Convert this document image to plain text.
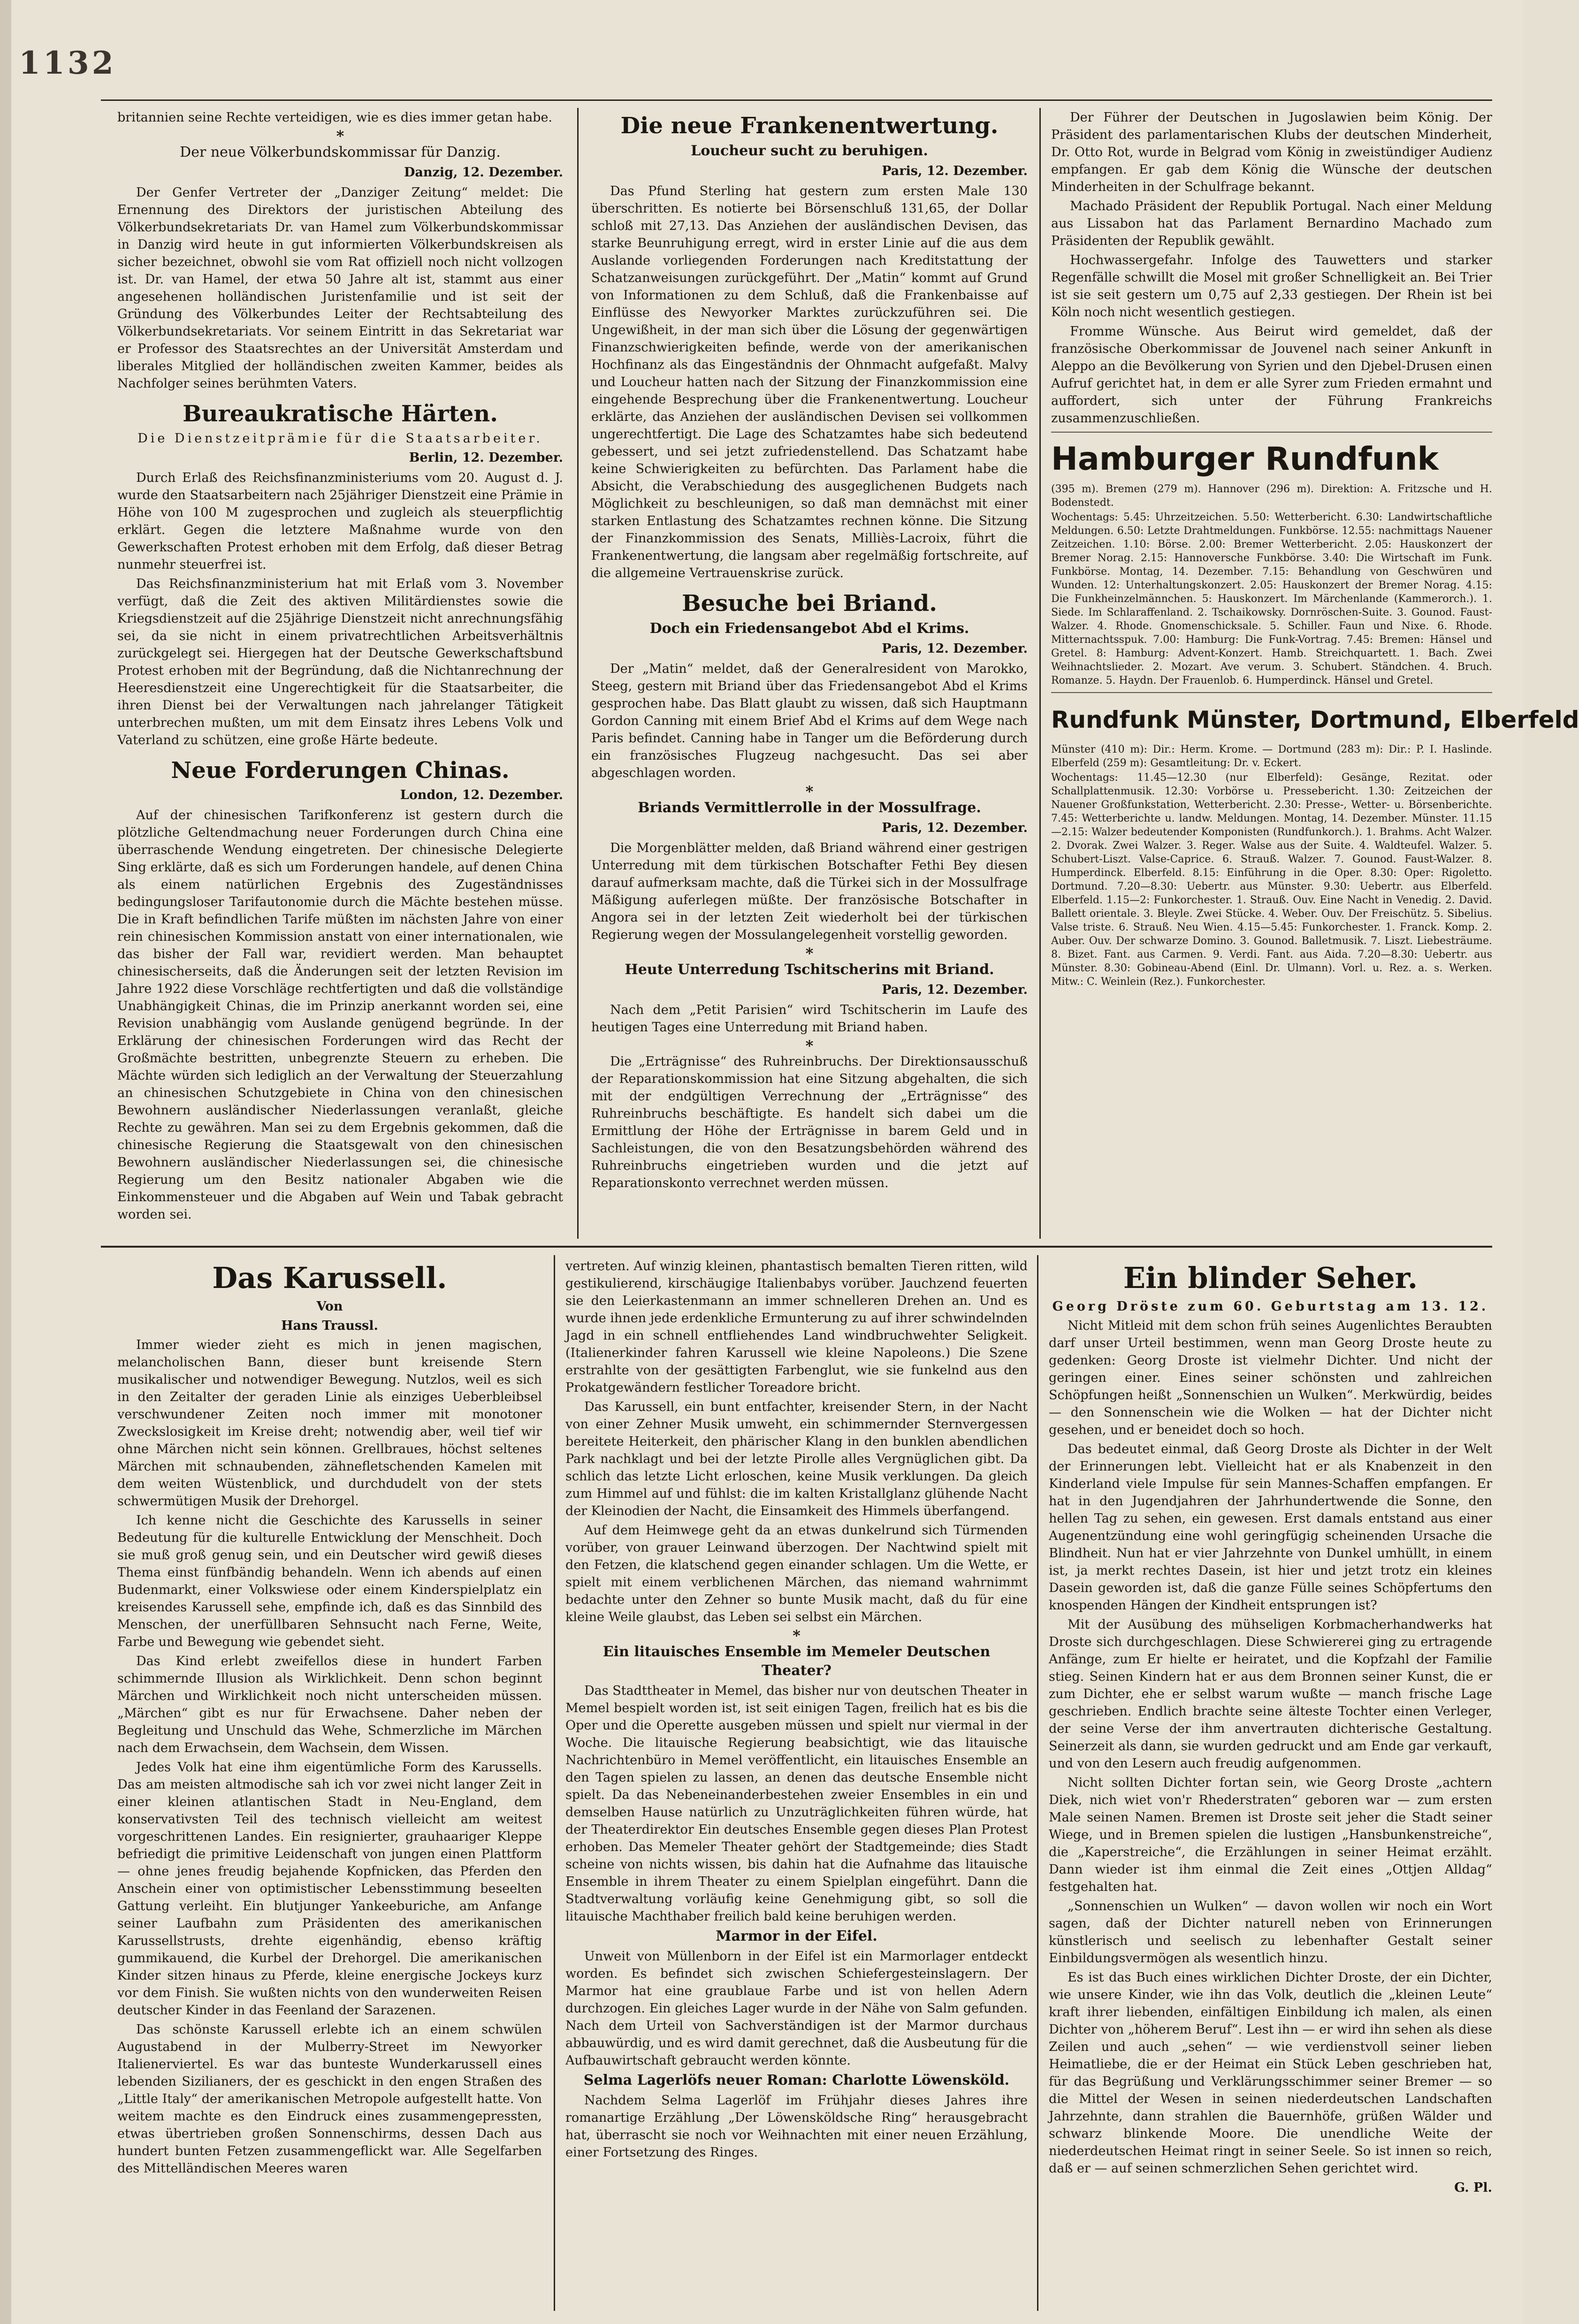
1132

britannien seine Rechte verteidigen, wie es dies immer getan habe.

*

Der neue Völkerbundskommissar für Danzig.

Danzig, 12. Dezember.

Der Genfer Vertreter der „Danziger Zeitung“ meldet: Die Ernennung des Direktors der juristischen Abteilung des Völkerbundsekretariats Dr. van Hamel zum Völkerbundskommissar in Danzig wird heute in gut informierten Völkerbundskreisen als sicher bezeichnet, obwohl sie vom Rat offiziell noch nicht vollzogen ist. Dr. van Hamel, der etwa 50 Jahre alt ist, stammt aus einer angesehenen holländischen Juristenfamilie und ist seit der Gründung des Völkerbundes Leiter der Rechtsabteilung des Völkerbundsekretariats. Vor seinem Eintritt in das Sekretariat war er Professor des Staatsrechtes an der Universität Amsterdam und liberales Mitglied der holländischen zweiten Kammer, beides als Nachfolger seines berühmten Vaters.

Bureaukratische Härten.

Die Dienstzeitprämie für die Staatsarbeiter.

Berlin, 12. Dezember.

Durch Erlaß des Reichsfinanzministeriums vom 20. August d. J. wurde den Staatsarbeitern nach 25jähriger Dienstzeit eine Prämie in Höhe von 100 M zugesprochen und zugleich als steuerpflichtig erklärt. Gegen die letztere Maßnahme wurde von den Gewerkschaften Protest erhoben mit dem Erfolg, daß dieser Betrag nunmehr steuerfrei ist.

Das Reichsfinanzministerium hat mit Erlaß vom 3. November verfügt, daß die Zeit des aktiven Militärdienstes sowie die Kriegsdienstzeit auf die 25jährige Dienstzeit nicht anrechnungsfähig sei, da sie nicht in einem privatrechtlichen Arbeitsverhältnis zurückgelegt sei. Hiergegen hat der Deutsche Gewerkschaftsbund Protest erhoben mit der Begründung, daß die Nichtanrechnung der Heeresdienstzeit eine Ungerechtigkeit für die Staatsarbeiter, die ihren Dienst bei der Verwaltungen nach jahrelanger Tätigkeit unterbrechen mußten, um mit dem Einsatz ihres Lebens Volk und Vaterland zu schützen, eine große Härte bedeute.

Neue Forderungen Chinas.

London, 12. Dezember.

Auf der chinesischen Tarifkonferenz ist gestern durch die plötzliche Geltendmachung neuer Forderungen durch China eine überraschende Wendung eingetreten. Der chinesische Delegierte Sing erklärte, daß es sich um Forderungen handele, auf denen China als einem natürlichen Ergebnis des Zugeständnisses bedingungsloser Tarifautonomie durch die Mächte bestehen müsse. Die in Kraft befindlichen Tarife müßten im nächsten Jahre von einer rein chinesischen Kommission anstatt von einer internationalen, wie das bisher der Fall war, revidiert werden. Man behauptet chinesischerseits, daß die Änderungen seit der letzten Revision im Jahre 1922 diese Vorschläge rechtfertigten und daß die vollständige Unabhängigkeit Chinas, die im Prinzip anerkannt worden sei, eine Revision unabhängig vom Auslande genügend begründe. In der Erklärung der chinesischen Forderungen wird das Recht der Großmächte bestritten, unbegrenzte Steuern zu erheben. Die Mächte würden sich lediglich an der Verwaltung der Steuerzahlung an chinesischen Schutzgebiete in China von den chinesischen Bewohnern ausländischer Niederlassungen veranlaßt, gleiche Rechte zu gewähren. Man sei zu dem Ergebnis gekommen, daß die chinesische Regierung die Staatsgewalt von den chinesischen Bewohnern ausländischer Niederlassungen sei, die chinesische Regierung um den Besitz nationaler Abgaben wie die Einkommensteuer und die Abgaben auf Wein und Tabak gebracht worden sei.

Die neue Frankenentwertung.

Loucheur sucht zu beruhigen.

Paris, 12. Dezember.

Das Pfund Sterling hat gestern zum ersten Male 130 überschritten. Es notierte bei Börsenschluß 131,65, der Dollar schloß mit 27,13. Das Anziehen der ausländischen Devisen, das starke Beunruhigung erregt, wird in erster Linie auf die aus dem Auslande vorliegenden Forderungen nach Kreditstattung der Schatzanweisungen zurückgeführt. Der „Matin“ kommt auf Grund von Informationen zu dem Schluß, daß die Frankenbaisse auf Einflüsse des Newyorker Marktes zurückzuführen sei. Die Ungewißheit, in der man sich über die Lösung der gegenwärtigen Finanzschwierigkeiten befinde, werde von der amerikanischen Hochfinanz als das Eingeständnis der Ohnmacht aufgefaßt. Malvy und Loucheur hatten nach der Sitzung der Finanzkommission eine eingehende Besprechung über die Frankenentwertung. Loucheur erklärte, das Anziehen der ausländischen Devisen sei vollkommen ungerechtfertigt. Die Lage des Schatzamtes habe sich bedeutend gebessert, und sei jetzt zufriedenstellend. Das Schatzamt habe keine Schwierigkeiten zu befürchten. Das Parlament habe die Absicht, die Verabschiedung des ausgeglichenen Budgets nach Möglichkeit zu beschleunigen, so daß man demnächst mit einer starken Entlastung des Schatzamtes rechnen könne. Die Sitzung der Finanzkommission des Senats, Milliès-Lacroix, führt die Frankenentwertung, die langsam aber regelmäßig fortschreite, auf die allgemeine Vertrauenskrise zurück.

Besuche bei Briand.

Doch ein Friedensangebot Abd el Krims.

Paris, 12. Dezember.

Der „Matin“ meldet, daß der Generalresident von Marokko, Steeg, gestern mit Briand über das Friedensangebot Abd el Krims gesprochen habe. Das Blatt glaubt zu wissen, daß sich Hauptmann Gordon Canning mit einem Brief Abd el Krims auf dem Wege nach Paris befindet. Canning habe in Tanger um die Beförderung durch ein französisches Flugzeug nachgesucht. Das sei aber abgeschlagen worden.

*

Briands Vermittlerrolle in der Mossulfrage.

Paris, 12. Dezember.

Die Morgenblätter melden, daß Briand während einer gestrigen Unterredung mit dem türkischen Botschafter Fethi Bey diesen darauf aufmerksam machte, daß die Türkei sich in der Mossulfrage Mäßigung auferlegen müßte. Der französische Botschafter in Angora sei in der letzten Zeit wiederholt bei der türkischen Regierung wegen der Mossulangelegenheit vorstellig geworden.

*

Heute Unterredung Tschitscherins mit Briand.

Paris, 12. Dezember.

Nach dem „Petit Parisien“ wird Tschitscherin im Laufe des heutigen Tages eine Unterredung mit Briand haben.

*

Die „Erträgnisse“ des Ruhreinbruchs. Der Direktionsausschuß der Reparationskommission hat eine Sitzung abgehalten, die sich mit der endgültigen Verrechnung der „Erträgnisse“ des Ruhreinbruchs beschäftigte. Es handelt sich dabei um die Ermittlung der Höhe der Erträgnisse in barem Geld und in Sachleistungen, die von den Besatzungsbehörden während des Ruhreinbruchs eingetrieben wurden und die jetzt auf Reparationskonto verrechnet werden müssen.

Der Führer der Deutschen in Jugoslawien beim König. Der Präsident des parlamentarischen Klubs der deutschen Minderheit, Dr. Otto Rot, wurde in Belgrad vom König in zweistündiger Audienz empfangen. Er gab dem König die Wünsche der deutschen Minderheiten in der Schulfrage bekannt.

Machado Präsident der Republik Portugal. Nach einer Meldung aus Lissabon hat das Parlament Bernardino Machado zum Präsidenten der Republik gewählt.

Hochwassergefahr. Infolge des Tauwetters und starker Regenfälle schwillt die Mosel mit großer Schnelligkeit an. Bei Trier ist sie seit gestern um 0,75 auf 2,33 gestiegen. Der Rhein ist bei Köln noch nicht wesentlich gestiegen.

Fromme Wünsche. Aus Beirut wird gemeldet, daß der französische Oberkommissar de Jouvenel nach seiner Ankunft in Aleppo an die Bevölkerung von Syrien und den Djebel-Drusen einen Aufruf gerichtet hat, in dem er alle Syrer zum Frieden ermahnt und auffordert, sich unter der Führung Frankreichs zusammenzuschließen.

Hamburger Rundfunk

(395 m). Bremen (279 m). Hannover (296 m). Direktion: A. Fritzsche und H. Bodenstedt.

Wochentags: 5.45: Uhrzeitzeichen. 5.50: Wetterbericht. 6.30: Landwirtschaftliche Meldungen. 6.50: Letzte Drahtmeldungen. Funkbörse. 12.55: nachmittags Nauener Zeitzeichen. 1.10: Börse. 2.00: Bremer Wetterbericht. 2.05: Hauskonzert der Bremer Norag. 2.15: Hannoversche Funkbörse. 3.40: Die Wirtschaft im Funk. Funkbörse. Montag, 14. Dezember. 7.15: Behandlung von Geschwüren und Wunden. 12: Unterhaltungskonzert. 2.05: Hauskonzert der Bremer Norag. 4.15: Die Funkheinzelmännchen. 5: Hauskonzert. Im Märchenlande (Kammerorch.). 1. Siede. Im Schlaraffenland. 2. Tschaikowsky. Dornröschen-Suite. 3. Gounod. Faust-Walzer. 4. Rhode. Gnomenschicksale. 5. Schiller. Faun und Nixe. 6. Rhode. Mitternachtsspuk. 7.00: Hamburg: Die Funk-Vortrag. 7.45: Bremen: Hänsel und Gretel. 8: Hamburg: Advent-Konzert. Hamb. Streichquartett. 1. Bach. Zwei Weihnachtslieder. 2. Mozart. Ave verum. 3. Schubert. Ständchen. 4. Bruch. Romanze. 5. Haydn. Der Frauenlob. 6. Humperdinck. Hänsel und Gretel.

Rundfunk Münster, Dortmund, Elberfeld

Münster (410 m): Dir.: Herm. Krome. — Dortmund (283 m): Dir.: P. I. Haslinde. Elberfeld (259 m): Gesamtleitung: Dr. v. Eckert.

Wochentags: 11.45—12.30 (nur Elberfeld): Gesänge, Rezitat. oder Schallplattenmusik. 12.30: Vorbörse u. Pressebericht. 1.30: Zeitzeichen der Nauener Großfunkstation, Wetterbericht. 2.30: Presse-, Wetter- u. Börsenberichte. 7.45: Wetterberichte u. landw. Meldungen. Montag, 14. Dezember. Münster. 11.15—2.15: Walzer bedeutender Komponisten (Rundfunkorch.). 1. Brahms. Acht Walzer. 2. Dvorak. Zwei Walzer. 3. Reger. Walse aus der Suite. 4. Waldteufel. Walzer. 5. Schubert-Liszt. Valse-Caprice. 6. Strauß. Walzer. 7. Gounod. Faust-Walzer. 8. Humperdinck. Elberfeld. 8.15: Einführung in die Oper. 8.30: Oper: Rigoletto. Dortmund. 7.20—8.30: Uebertr. aus Münster. 9.30: Uebertr. aus Elberfeld. Elberfeld. 1.15—2: Funkorchester. 1. Strauß. Ouv. Eine Nacht in Venedig. 2. David. Ballett orientale. 3. Bleyle. Zwei Stücke. 4. Weber. Ouv. Der Freischütz. 5. Sibelius. Valse triste. 6. Strauß. Neu Wien. 4.15—5.45: Funkorchester. 1. Franck. Komp. 2. Auber. Ouv. Der schwarze Domino. 3. Gounod. Balletmusik. 7. Liszt. Liebesträume. 8. Bizet. Fant. aus Carmen. 9. Verdi. Fant. aus Aida. 7.20—8.30: Uebertr. aus Münster. 8.30: Gobineau-Abend (Einl. Dr. Ulmann). Vorl. u. Rez. a. s. Werken. Mitw.: C. Weinlein (Rez.). Funkorchester.

Das Karussell.

Von

Hans Traussl.

Immer wieder zieht es mich in jenen magischen, melancholischen Bann, dieser bunt kreisende Stern musikalischer und notwendiger Bewegung. Nutzlos, weil es sich in den Zeitalter der geraden Linie als einziges Ueberbleibsel verschwundener Zeiten noch immer mit monotoner Zweckslosigkeit im Kreise dreht; notwendig aber, weil tief wir ohne Märchen nicht sein können. Grellbraues, höchst seltenes Märchen mit schnaubenden, zähnefletschenden Kamelen mit dem weiten Wüstenblick, und durchdudelt von der stets schwermütigen Musik der Drehorgel.

Ich kenne nicht die Geschichte des Karussells in seiner Bedeutung für die kulturelle Entwicklung der Menschheit. Doch sie muß groß genug sein, und ein Deutscher wird gewiß dieses Thema einst fünfbändig behandeln. Wenn ich abends auf einen Budenmarkt, einer Volkswiese oder einem Kinderspielplatz ein kreisendes Karussell sehe, empfinde ich, daß es das Sinnbild des Menschen, der unerfüllbaren Sehnsucht nach Ferne, Weite, Farbe und Bewegung wie gebendet sieht.

Das Kind erlebt zweifellos diese in hundert Farben schimmernde Illusion als Wirklichkeit. Denn schon beginnt Märchen und Wirklichkeit noch nicht unterscheiden müssen. „Märchen“ gibt es nur für Erwachsene. Daher neben der Begleitung und Unschuld das Wehe, Schmerzliche im Märchen nach dem Erwachsein, dem Wachsein, dem Wissen.

Jedes Volk hat eine ihm eigentümliche Form des Karussells. Das am meisten altmodische sah ich vor zwei nicht langer Zeit in einer kleinen atlantischen Stadt in Neu-England, dem konservativsten Teil des technisch vielleicht am weitest vorgeschrittenen Landes. Ein resignierter, grauhaariger Kleppe befriedigt die primitive Leidenschaft von jungen einen Plattform — ohne jenes freudig bejahende Kopfnicken, das Pferden den Anschein einer von optimistischer Lebensstimmung beseelten Gattung verleiht. Ein blutjunger Yankeeburiche, am Anfange seiner Laufbahn zum Präsidenten des amerikanischen Karussellstrusts, drehte eigenhändig, ebenso kräftig gummikauend, die Kurbel der Drehorgel. Die amerikanischen Kinder sitzen hinaus zu Pferde, kleine energische Jockeys kurz vor dem Finish. Sie wußten nichts von den wunderweiten Reisen deutscher Kinder in das Feenland der Sarazenen.

Das schönste Karussell erlebte ich an einem schwülen Augustabend in der Mulberry-Street im Newyorker Italienerviertel. Es war das bunteste Wunderkarussell eines lebenden Sizilianers, der es geschickt in den engen Straßen des „Little Italy“ der amerikanischen Metropole aufgestellt hatte. Von weitem machte es den Eindruck eines zusammengepressten, etwas übertrieben großen Sonnenschirms, dessen Dach aus hundert bunten Fetzen zusammengeflickt war. Alle Segelfarben des Mittelländischen Meeres waren

vertreten. Auf winzig kleinen, phantastisch bemalten Tieren ritten, wild gestikulierend, kirschäugige Italienbabys vorüber. Jauchzend feuerten sie den Leierkastenmann an immer schnelleren Drehen an. Und es wurde ihnen jede erdenkliche Ermunterung zu auf ihrer schwindelnden Jagd in ein schnell entfliehendes Land windbruchwehter Seligkeit. (Italienerkinder fahren Karussell wie kleine Napoleons.) Die Szene erstrahlte von der gesättigten Farbenglut, wie sie funkelnd aus den Prokatgewändern festlicher Toreadore bricht.

Das Karussell, ein bunt entfachter, kreisender Stern, in der Nacht von einer Zehner Musik umweht, ein schimmernder Sternvergessen bereitete Heiterkeit, den phärischer Klang in den bunklen abendlichen Park nachklagt und bei der letzte Pirolle alles Vergnüglichen gibt. Da schlich das letzte Licht erloschen, keine Musik verklungen. Da gleich zum Himmel auf und fühlst: die im kalten Kristallglanz glühende Nacht der Kleinodien der Nacht, die Einsamkeit des Himmels überfangend.

Auf dem Heimwege geht da an etwas dunkelrund sich Türmenden vorüber, von grauer Leinwand überzogen. Der Nachtwind spielt mit den Fetzen, die klatschend gegen einander schlagen. Um die Wette, er spielt mit einem verblichenen Märchen, das niemand wahrnimmt bedachte unter den Zehner so bunte Musik macht, daß du für eine kleine Weile glaubst, das Leben sei selbst ein Märchen.

*

Ein litauisches Ensemble im Memeler Deutschen Theater?

Das Stadttheater in Memel, das bisher nur von deutschen Theater in Memel bespielt worden ist, ist seit einigen Tagen, freilich hat es bis die Oper und die Operette ausgeben müssen und spielt nur viermal in der Woche. Die litauische Regierung beabsichtigt, wie das litauische Nachrichtenbüro in Memel veröffentlicht, ein litauisches Ensemble an den Tagen spielen zu lassen, an denen das deutsche Ensemble nicht spielt. Da das Nebeneinanderbestehen zweier Ensembles in ein und demselben Hause natürlich zu Unzuträglichkeiten führen würde, hat der Theaterdirektor Ein deutsches Ensemble gegen dieses Plan Protest erhoben. Das Memeler Theater gehört der Stadtgemeinde; dies Stadt scheine von nichts wissen, bis dahin hat die Aufnahme das litauische Ensemble in ihrem Theater zu einem Spielplan eingeführt. Dann die Stadtverwaltung vorläufig keine Genehmigung gibt, so soll die litauische Machthaber freilich bald keine beruhigen werden.

Marmor in der Eifel.

Unweit von Müllenborn in der Eifel ist ein Marmorlager entdeckt worden. Es befindet sich zwischen Schiefergesteinslagern. Der Marmor hat eine graublaue Farbe und ist von hellen Adern durchzogen. Ein gleiches Lager wurde in der Nähe von Salm gefunden. Nach dem Urteil von Sachverständigen ist der Marmor durchaus abbauwürdig, und es wird damit gerechnet, daß die Ausbeutung für die Aufbauwirtschaft gebraucht werden könnte.

Selma Lagerlöfs neuer Roman: Charlotte Löwensköld.

Nachdem Selma Lagerlöf im Frühjahr dieses Jahres ihre romanartige Erzählung „Der Löwensköldsche Ring“ herausgebracht hat, überrascht sie noch vor Weihnachten mit einer neuen Erzählung, einer Fortsetzung des Ringes.

Ein blinder Seher.

Georg Dröste zum 60. Geburtstag am 13. 12.

Nicht Mitleid mit dem schon früh seines Augenlichtes Beraubten darf unser Urteil bestimmen, wenn man Georg Droste heute zu gedenken: Georg Droste ist vielmehr Dichter. Und nicht der geringen einer. Eines seiner schönsten und zahlreichen Schöpfungen heißt „Sonnenschien un Wulken“. Merkwürdig, beides — den Sonnenschein wie die Wolken — hat der Dichter nicht gesehen, und er beneidet doch so hoch.

Das bedeutet einmal, daß Georg Droste als Dichter in der Welt der Erinnerungen lebt. Vielleicht hat er als Knabenzeit in den Kinderland viele Impulse für sein Mannes-Schaffen empfangen. Er hat in den Jugendjahren der Jahrhundertwende die Sonne, den hellen Tag zu sehen, ein gewesen. Erst damals entstand aus einer Augenentzündung eine wohl geringfügig scheinenden Ursache die Blindheit. Nun hat er vier Jahrzehnte von Dunkel umhüllt, in einem ist, ja merkt rechtes Dasein, ist hier und jetzt trotz ein kleines Dasein geworden ist, daß die ganze Fülle seines Schöpfertums den knospenden Hängen der Kindheit entsprungen ist?

Mit der Ausübung des mühseligen Korbmacherhandwerks hat Droste sich durchgeschlagen. Diese Schwiererei ging zu ertragende Anfänge, zum Er hielte er heiratet, und die Kopfzahl der Familie stieg. Seinen Kindern hat er aus dem Bronnen seiner Kunst, die er zum Dichter, ehe er selbst warum wußte — manch frische Lage geschrieben. Endlich brachte seine älteste Tochter einen Verleger, der seine Verse der ihm anvertrauten dichterische Gestaltung. Seinerzeit als dann, sie wurden gedruckt und am Ende gar verkauft, und von den Lesern auch freudig aufgenommen.

Nicht sollten Dichter fortan sein, wie Georg Droste „achtern Diek, nich wiet von'r Rhederstraten“ geboren war — zum ersten Male seinen Namen. Bremen ist Droste seit jeher die Stadt seiner Wiege, und in Bremen spielen die lustigen „Hansbunkenstreiche“, die „Kaperstreiche“, die Erzählungen in seiner Heimat erzählt. Dann wieder ist ihm einmal die Zeit eines „Ottjen Alldag“ festgehalten hat.

„Sonnenschien un Wulken“ — davon wollen wir noch ein Wort sagen, daß der Dichter naturell neben von Erinnerungen künstlerisch und seelisch zu lebenhafter Gestalt seiner Einbildungsvermögen als wesentlich hinzu.

Es ist das Buch eines wirklichen Dichter Droste, der ein Dichter, wie unsere Kinder, wie ihn das Volk, deutlich die „kleinen Leute“ kraft ihrer liebenden, einfältigen Einbildung ich malen, als einen Dichter von „höherem Beruf“. Lest ihn — er wird ihn sehen als diese Zeilen und auch „sehen“ — wie verdienstvoll seiner lieben Heimatliebe, die er der Heimat ein Stück Leben geschrieben hat, für das Begrüßung und Verklärungsschimmer seiner Bremer — so die Mittel der Wesen in seinen niederdeutschen Landschaften Jahrzehnte, dann strahlen die Bauernhöfe, grüßen Wälder und schwarz blinkende Moore. Die unendliche Weite der niederdeutschen Heimat ringt in seiner Seele. So ist innen so reich, daß er — auf seinen schmerzlichen Sehen gerichtet wird.

G. Pl.
